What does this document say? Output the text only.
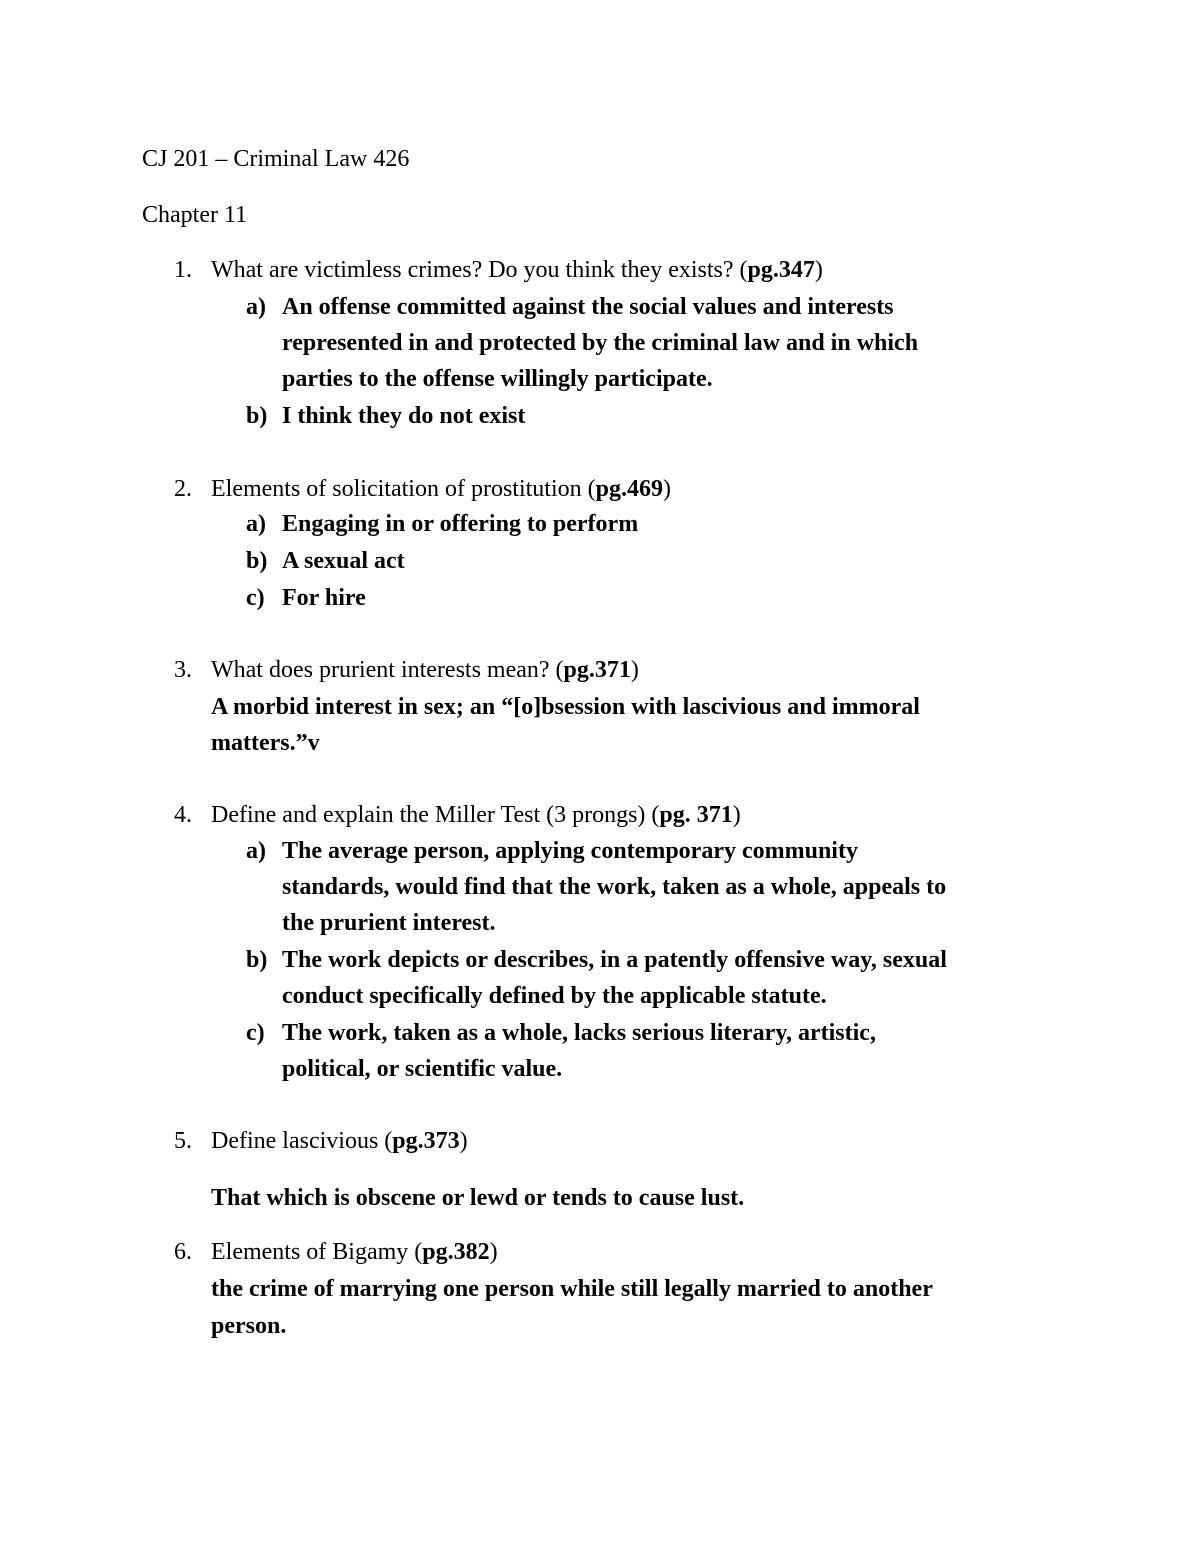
CJ 201 – Criminal Law 426
Chapter 11
1. What are victimless crimes? Do you think they exists? (pg.347)
a) An offense committed against the social values and interests
represented in and protected by the criminal law and in which
parties to the offense willingly participate.
b) I think they do not exist
2. Elements of solicitation of prostitution (pg.469)
a) Engaging in or offering to perform
b) A sexual act
c) For hire
3. What does prurient interests mean? (pg.371)
A morbid interest in sex; an “[o]bsession with lascivious and immoral
matters.”v
4. Define and explain the Miller Test (3 prongs) (pg. 371)
a) The average person, applying contemporary community
standards, would find that the work, taken as a whole, appeals to
the prurient interest.
b) The work depicts or describes, in a patently offensive way, sexual
conduct specifically defined by the applicable statute.
c) The work, taken as a whole, lacks serious literary, artistic,
political, or scientific value.
5. Define lascivious (pg.373)
That which is obscene or lewd or tends to cause lust.
6. Elements of Bigamy (pg.382)
the crime of marrying one person while still legally married to another
person.
